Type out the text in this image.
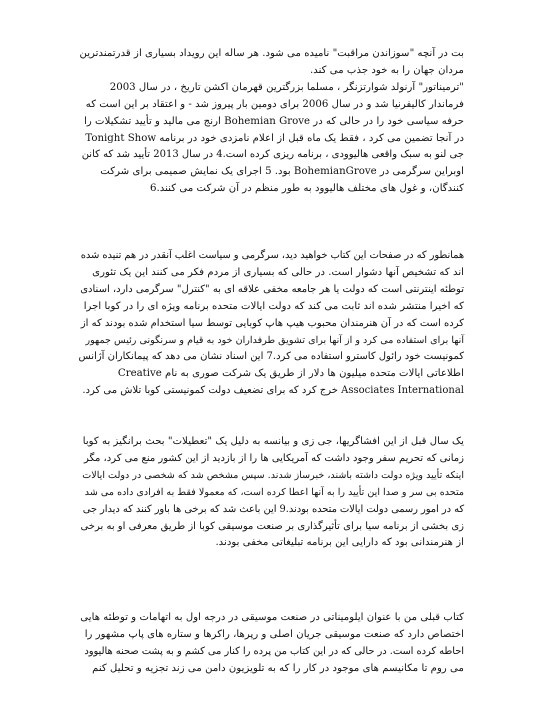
بت در آنچه "سوزاندن مراقبت" نامیده می شود. هر ساله این رویداد بسیاری از قدرتمندترین
مردان جهان را به خود جذب می کند.
"ترمیناتور" آرنولد شوارتزنگر ، مسلما بزرگترین قهرمان اکشن تاریخ ، در سال 2003
فرماندار کالیفرنیا شد و در سال 2006 برای دومین بار پیروز شد - و اعتقاد بر این است که
حرفه سیاسی خود را در حالی که در Bohemian Grove ارنج می مالید و تأیید تشکیلات را
در آنجا تضمین می کرد ، فقط یک ماه قبل از اعلام نامزدی خود در برنامه Tonight Show
جی لنو به سبک واقعی هالیوودی ، برنامه ریزی کرده است.4 در سال 2013 تأیید شد که کانن
اوبراین سرگرمی در BohemianGrove بود. 5 اجرای یک نمایش صمیمی برای شرکت
کنندگان، و غول های مختلف هالیوود به طور منظم در آن شرکت می کنند.6
همانطور که در صفحات این کتاب خواهید دید، سرگرمی و سیاست اغلب آنقدر در هم تنیده شده
اند که تشخیص آنها دشوار است. در حالی که بسیاری از مردم فکر می کنند این یک تئوری
توطئه اینترنتی است که دولت یا هر جامعه مخفی علاقه ای به "کنترل" سرگرمی دارد، اسنادی
که اخیرا منتشر شده اند ثابت می کند که دولت ایالات متحده برنامه ویژه ای را در کوبا اجرا
کرده است که در آن هنرمندان محبوب هیپ هاپ کوبایی توسط سیا استخدام شده بودند که از
آنها برای استفاده می کرد و از آنها برای تشویق طرفداران خود به قیام و سرنگونی رئیس جمهور
کمونیست خود رائول کاسترو استفاده می کرد.7 این اسناد نشان می دهد که پیمانکاران آژانس
اطلاعاتی ایالات متحده میلیون ها دلار از طریق یک شرکت صوری به نام Creative
Associates International خرج کرد که برای تضعیف دولت کمونیستی کوبا تلاش می کرد.
یک سال قبل از این افشاگریها، جی زی و بیانسه به دلیل یک "تعطیلات" بحث برانگیز به کوبا
زمانی که تحریم سفر وجود داشت که آمریکایی ها را از بازدید از این کشور منع می کرد، مگر
اینکه تأیید ویژه دولت داشته باشند، خبرساز شدند. سپس مشخص شد که شخصی در دولت ایالات
متحده بی سر و صدا این تأیید را به آنها اعطا کرده است، که معمولا فقط به افرادی داده می شد
که در امور رسمی دولت ایالات متحده بودند.9 این باعث شد که برخی ها باور کنند که دیدار جی
زی بخشی از برنامه سیا برای تأثیرگذاری بر صنعت موسیقی کوبا از طریق معرفی او به برخی
از هنرمندانی بود که دارایی این برنامه تبلیغاتی مخفی بودند.
کتاب قبلی من با عنوان ایلومیناتی در صنعت موسیقی در درجه اول به اتهامات و توطئه هایی
اختصاص دارد که صنعت موسیقی جریان اصلی و رپرها، راکرها و ستاره های پاپ مشهور را
احاطه کرده است. در حالی که در این کتاب من پرده را کنار می کشم و به پشت صحنه هالیوود
می روم تا مکانیسم های موجود در کار را که به تلویزیون دامن می زند تجزیه و تحلیل کنم
